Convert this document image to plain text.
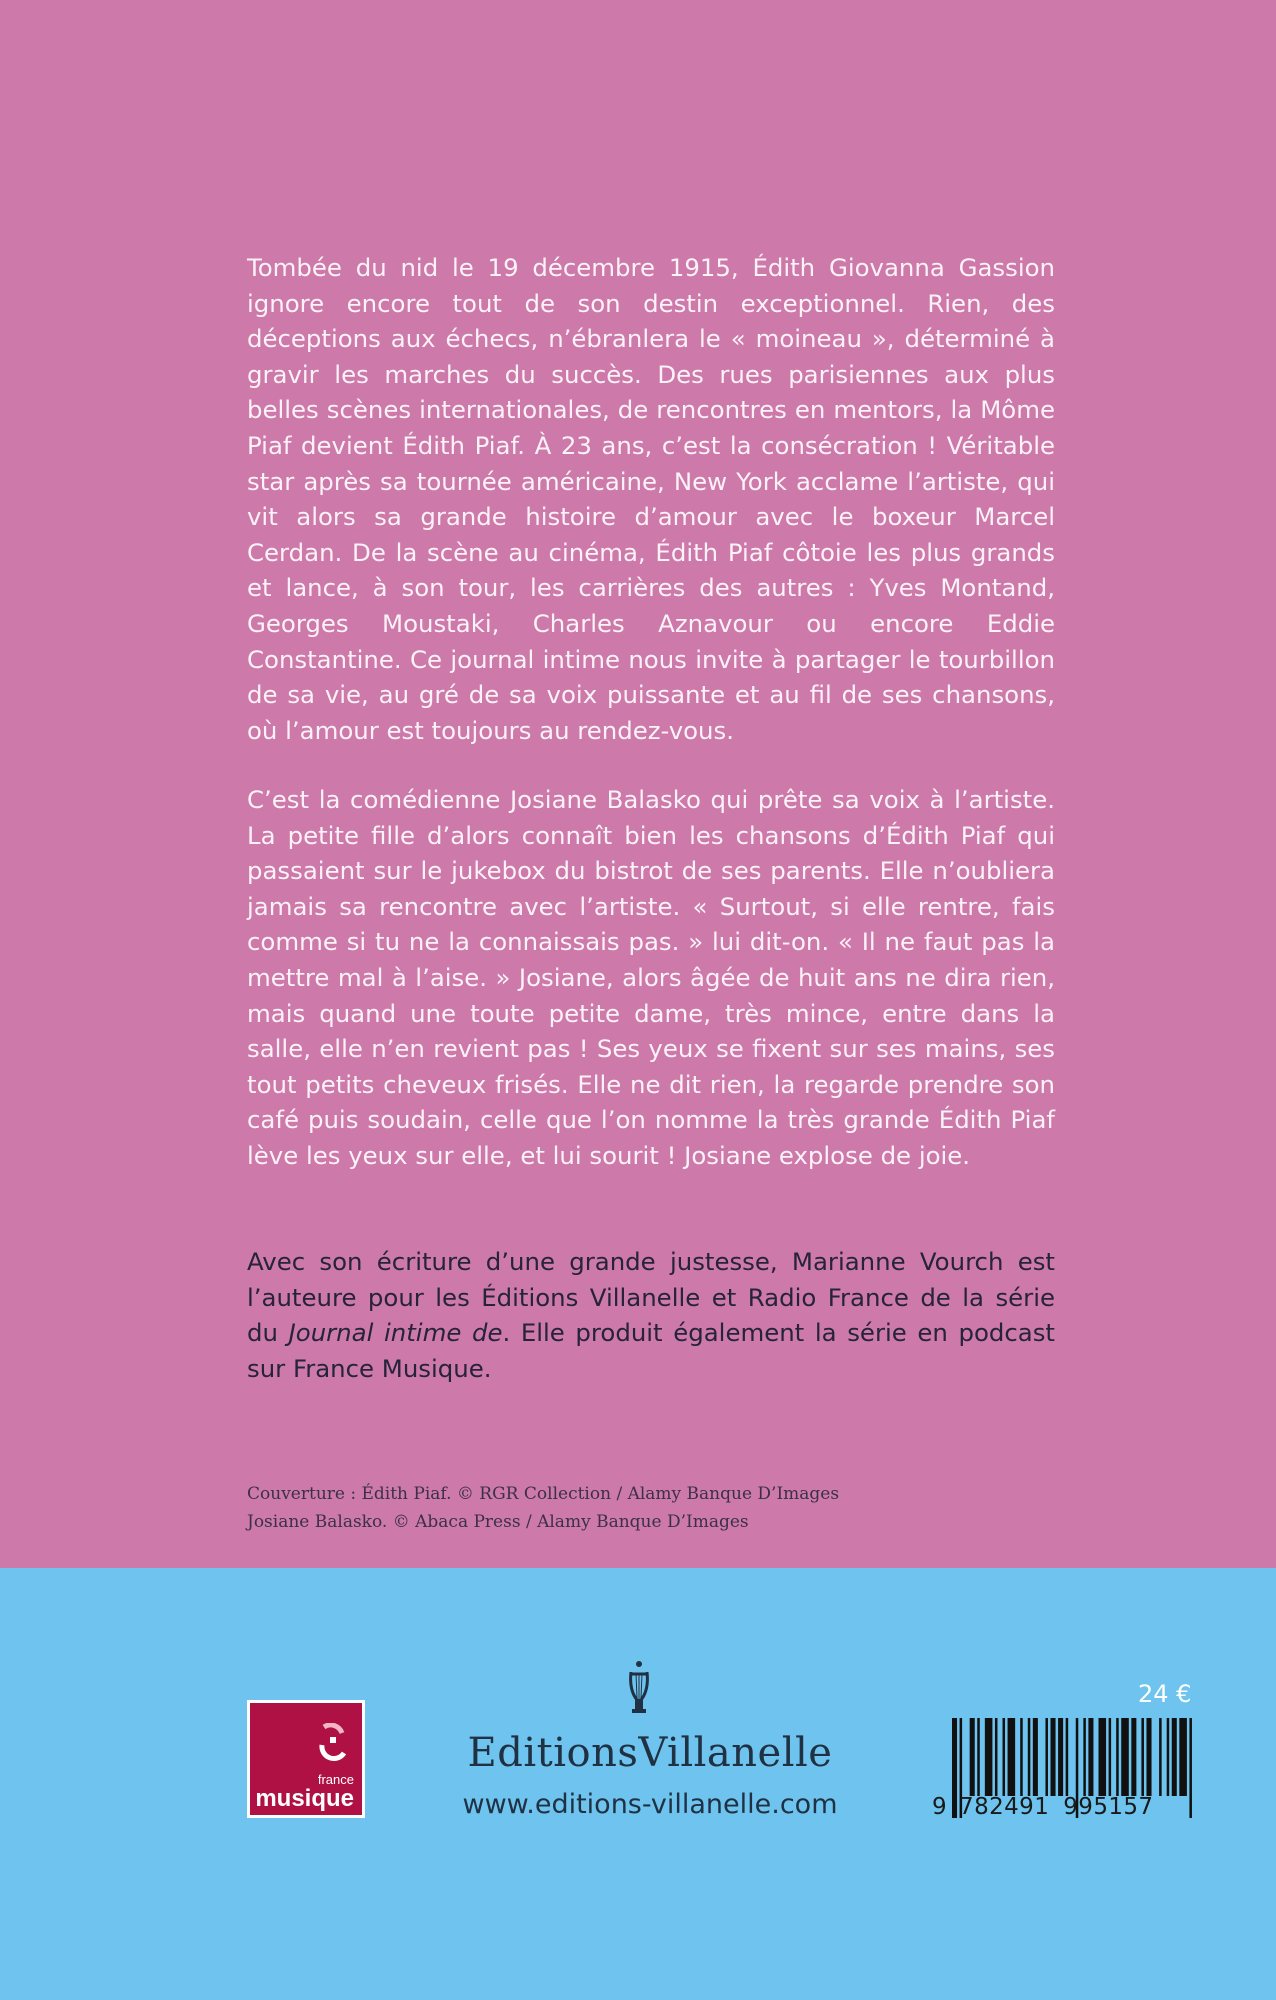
Tombée du nid le 19 décembre 1915, Édith Giovanna Gassion ignore encore tout de son destin exceptionnel. Rien, des déceptions aux échecs, n’ébranlera le « moineau », déterminé à gravir les marches du succès. Des rues parisiennes aux plus belles scènes internationales, de rencontres en mentors, la Môme Piaf devient Édith Piaf. À 23 ans, c’est la consécration ! Véritable star après sa tournée américaine, New York acclame l’artiste, qui vit alors sa grande histoire d’amour avec le boxeur Marcel Cerdan. De la scène au cinéma, Édith Piaf côtoie les plus grands et lance, à son tour, les carrières des autres : Yves Montand, Georges Moustaki, Charles Aznavour ou encore Eddie Constantine. Ce journal intime nous invite à partager le tourbillon de sa vie, au gré de sa voix puissante et au fil de ses chansons, où l’amour est toujours au rendez-vous.

C’est la comédienne Josiane Balasko qui prête sa voix à l’artiste. La petite fille d’alors connaît bien les chansons d’Édith Piaf qui passaient sur le jukebox du bistrot de ses parents. Elle n’oubliera jamais sa rencontre avec l’artiste. « Surtout, si elle rentre, fais comme si tu ne la connaissais pas. » lui dit-on. « Il ne faut pas la mettre mal à l’aise. » Josiane, alors âgée de huit ans ne dira rien, mais quand une toute petite dame, très mince, entre dans la salle, elle n’en revient pas ! Ses yeux se fixent sur ses mains, ses tout petits cheveux frisés. Elle ne dit rien, la regarde prendre son café puis soudain, celle que l’on nomme la très grande Édith Piaf lève les yeux sur elle, et lui sourit ! Josiane explose de joie.

Avec son écriture d’une grande justesse, Marianne Vourch est l’auteure pour les Éditions Villanelle et Radio France de la série du Journal intime de. Elle produit également la série en podcast sur France Musique.

Couverture : Édith Piaf. © RGR Collection / Alamy Banque D’Images
Josiane Balasko. © Abaca Press / Alamy Banque D’Images
france
musique
EditionsVillanelle
www.editions-villanelle.com
24 €
9 782491 995157
